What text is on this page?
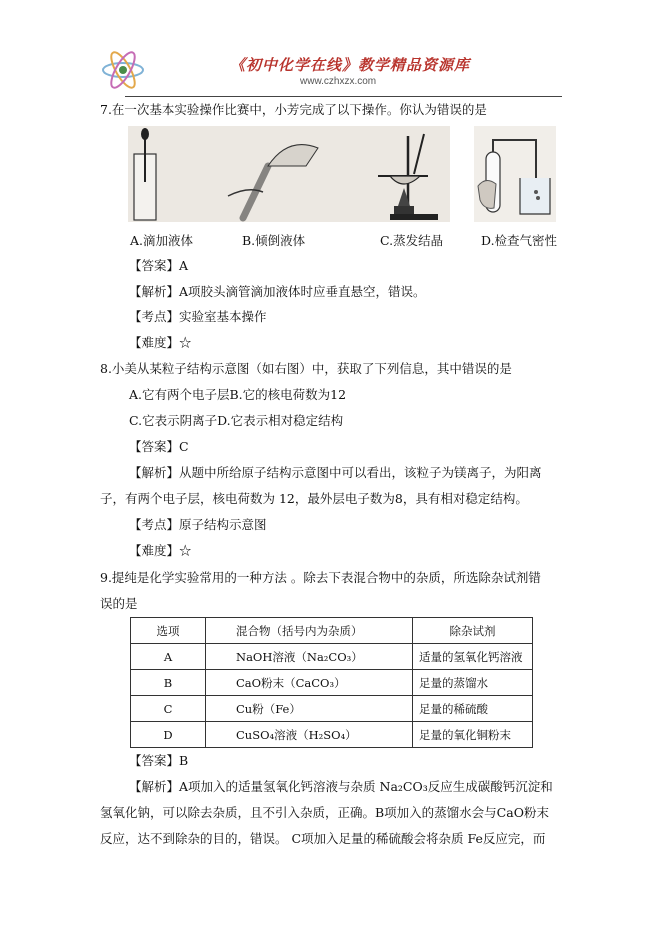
《初中化学在线》教学精品资源库
www.czhxzx.com
7.在一次基本实验操作比赛中，小芳完成了以下操作。你认为错误的是
A.滴加液体	B.倾倒液体	C.蒸发结晶	D.检查气密性
【答案】A
【解析】A项胶头滴管滴加液体时应垂直悬空，错误。
【考点】实验室基本操作
【难度】☆
8.小美从某粒子结构示意图（如右图）中，获取了下列信息，其中错误的是
A.它有两个电子层B.它的核电荷数为12
C.它表示阴离子D.它表示相对稳定结构
【答案】C
【解析】从题中所给原子结构示意图中可以看出，该粒子为镁离子，为阳离
子，有两个电子层，核电荷数为 12，最外层电子数为8，具有相对稳定结构。
【考点】原子结构示意图
【难度】☆
9.提纯是化学实验常用的一种方法 。除去下表混合物中的杂质，所选除杂试剂错
误的是
选项	混合物（括号内为杂质）	除杂试剂
A	NaOH溶液（Na₂CO₃）	适量的氢氧化钙溶液
B	CaO粉末（CaCO₃）	足量的蒸馏水
C	Cu粉（Fe）	足量的稀硫酸
D	CuSO₄溶液（H₂SO₄）	足量的氧化铜粉末
【答案】B
【解析】A项加入的适量氢氧化钙溶液与杂质 Na₂CO₃反应生成碳酸钙沉淀和
氢氧化钠，可以除去杂质，且不引入杂质，正确。B项加入的蒸馏水会与CaO粉末
反应，达不到除杂的目的，错误。 C项加入足量的稀硫酸会将杂质 Fe反应完，而
